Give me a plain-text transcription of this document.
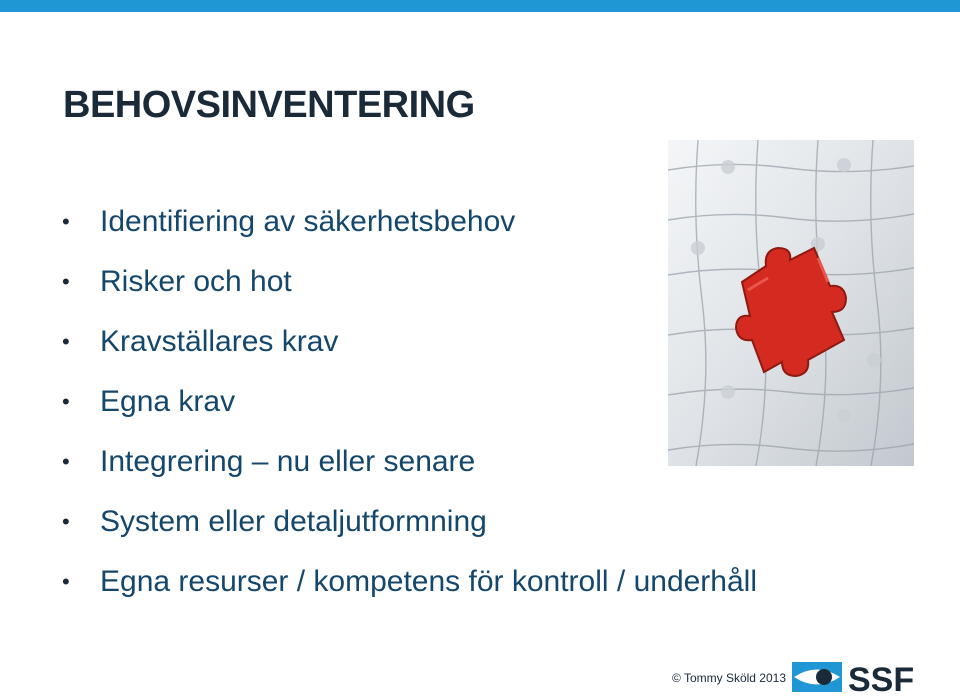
BEHOVSINVENTERING
• Identifiering av säkerhetsbehov
• Risker och hot
• Kravställares krav
• Egna krav
• Integrering – nu eller senare
• System eller detaljutformning
• Egna resurser / kompetens för kontroll / underhåll
© Tommy Sköld 2013 SSF
